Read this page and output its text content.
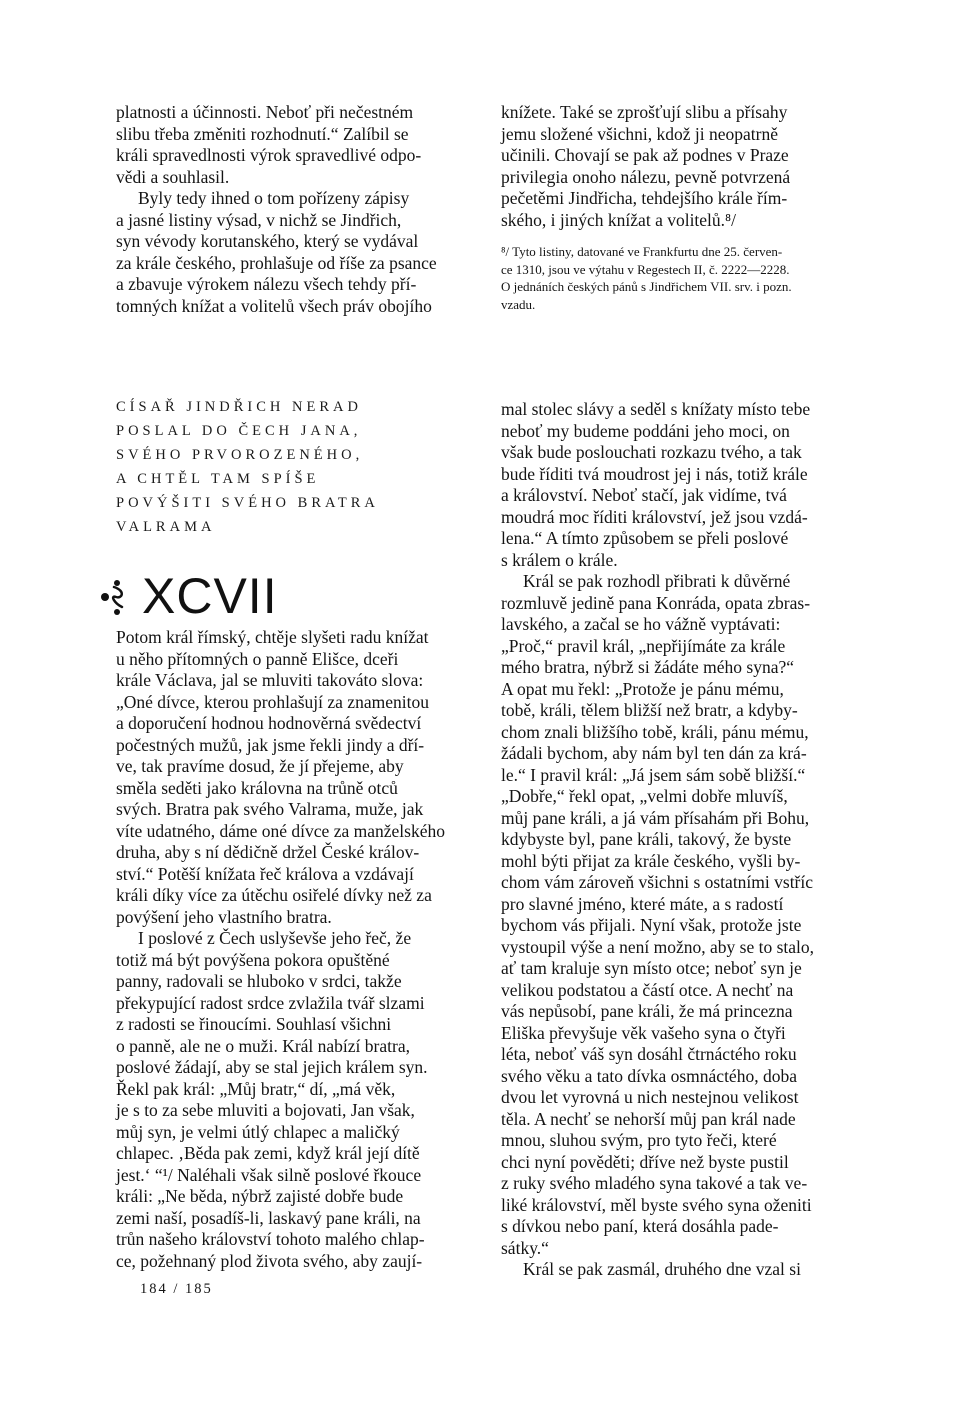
platnosti a účinnosti. Neboť při nečestném
slibu třeba změniti rozhodnutí.“ Zalíbil se
králi spravedlnosti výrok spravedlivé odpo-
vědi a souhlasil.

Byly tedy ihned o tom pořízeny zápisy
a jasné listiny výsad, v nichž se Jindřich,
syn vévody korutanského, který se vydával
za krále českého, prohlašuje od říše za psance
a zbavuje výrokem nálezu všech tehdy pří-
tomných knížat a volitelů všech práv obojího

knížete. Také se zprošťují slibu a přísahy
jemu složené všichni, kdož ji neopatrně
učinili. Chovají se pak až podnes v Praze
privilegia onoho nálezu, pevně potvrzená
pečetěmi Jindřicha, tehdejšího krále řím-
ského, i jiných knížat a volitelů.⁸/

⁸/ Tyto listiny, datované ve Frankfurtu dne 25. červen-
ce 1310, jsou ve výtahu v Regestech II, č. 2222—2228.
O jednáních českých pánů s Jindřichem VII. srv. i pozn.
vzadu.

CÍSAŘ JINDŘICH NERAD
POSLAL DO ČECH JANA,
SVÉHO PRVOROZENÉHO,
A CHTĚL TAM SPÍŠE
POVÝŠITI SVÉHO BRATRA
VALRAMA

XCVII

Potom král římský, chtěje slyšeti radu knížat
u něho přítomných o panně Elišce, dceři
krále Václava, jal se mluviti takováto slova:
„Oné dívce, kterou prohlašují za znamenitou
a doporučení hodnou hodnověrná svědectví
počestných mužů, jak jsme řekli jindy a dří-
ve, tak pravíme dosud, že jí přejeme, aby
směla seděti jako královna na trůně otců
svých. Bratra pak svého Valrama, muže, jak
víte udatného, dáme oné dívce za manželského
druha, aby s ní dědičně držel České králov-
ství.“ Potěší knížata řeč králova a vzdávají
králi díky více za útěchu osiřelé dívky než za
povýšení jeho vlastního bratra.

I poslové z Čech uslyševše jeho řeč, že
totiž má být povýšena pokora opuštěné
panny, radovali se hluboko v srdci, takže
překypující radost srdce zvlažila tvář slzami
z radosti se řinoucími. Souhlasí všichni
o panně, ale ne o muži. Král nabízí bratra,
poslové žádají, aby se stal jejich králem syn.
Řekl pak král: „Můj bratr,“ dí, „má věk,
je s to za sebe mluviti a bojovati, Jan však,
můj syn, je velmi útlý chlapec a maličký
chlapec. ‚Běda pak zemi, když král její dítě
jest.‘ “¹/ Naléhali však silně poslové řkouce
králi: „Ne běda, nýbrž zajisté dobře bude
zemi naší, posadíš-li, laskavý pane králi, na
trůn našeho království tohoto malého chlap-
ce, požehnaný plod života svého, aby zaují-

mal stolec slávy a seděl s knížaty místo tebe
neboť my budeme poddáni jeho moci, on
však bude poslouchati rozkazu tvého, a tak
bude říditi tvá moudrost jej i nás, totiž krále
a království. Neboť stačí, jak vidíme, tvá
moudrá moc říditi království, jež jsou vzdá-
lena.“ A tímto způsobem se přeli poslové
s králem o krále.

Král se pak rozhodl přibrati k důvěrné
rozmluvě jedině pana Konráda, opata zbras-
lavského, a začal se ho vážně vyptávati:
„Proč,“ pravil král, „nepřijímáte za krále
mého bratra, nýbrž si žádáte mého syna?“
A opat mu řekl: „Protože je pánu mému,
tobě, králi, tělem bližší než bratr, a kdyby-
chom znali bližšího tobě, králi, pánu mému,
žádali bychom, aby nám byl ten dán za krá-
le.“ I pravil král: „Já jsem sám sobě bližší.“
„Dobře,“ řekl opat, „velmi dobře mluvíš,
můj pane králi, a já vám přísahám při Bohu,
kdybyste byl, pane králi, takový, že byste
mohl býti přijat za krále českého, vyšli by-
chom vám zároveň všichni s ostatními vstříc
pro slavné jméno, které máte, a s radostí
bychom vás přijali. Nyní však, protože jste
vystoupil výše a není možno, aby se to stalo,
ať tam kraluje syn místo otce; neboť syn je
velikou podstatou a částí otce. A nechť na
vás nepůsobí, pane králi, že má princezna
Eliška převyšuje věk vašeho syna o čtyři
léta, neboť váš syn dosáhl čtrnáctého roku
svého věku a tato dívka osmnáctého, doba
dvou let vyrovná u nich nestejnou velikost
těla. A nechť se nehorší můj pan král nade
mnou, sluhou svým, pro tyto řeči, které
chci nyní pověděti; dříve než byste pustil
z ruky svého mladého syna takové a tak ve-
liké království, měl byste svého syna oženiti
s dívkou nebo paní, která dosáhla pade-
sátky.“

Král se pak zasmál, druhého dne vzal si

184 / 185
